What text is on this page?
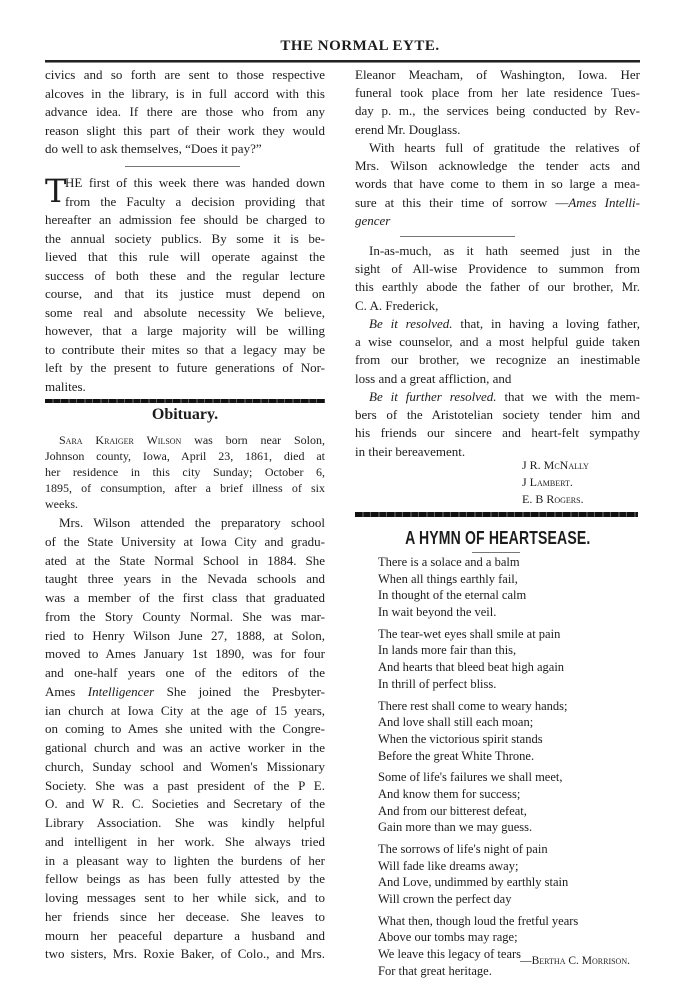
THE NORMAL EYTE.
civics and so forth are sent to those respective
alcoves in the library, is in full accord with this
advance idea. If there are those who from any
reason slight this part of their work they would
do well to ask themselves, “Does it pay?”
T
HE first of this week there was handed down
from the Faculty a decision providing that
hereafter an admission fee should be charged to
the annual society publics. By some it is be-
lieved that this rule will operate against the
success of both these and the regular lecture
course, and that its justice must depend on
some real and absolute necessity We believe,
however, that a large majority will be willing
to contribute their mites so that a legacy may be
left by the present to future generations of Nor-
malites.
Obituary.
Sara Kraiger Wilson was born near Solon,
Johnson county, Iowa, April 23, 1861, died at
her residence in this city Sunday; October 6,
1895, of consumption, after a brief illness of six
weeks.
Mrs. Wilson attended the preparatory school
of the State University at Iowa City and gradu-
ated at the State Normal School in 1884. She
taught three years in the Nevada schools and
was a member of the first class that graduated
from the Story County Normal. She was mar-
ried to Henry Wilson June 27, 1888, at Solon,
moved to Ames January 1st 1890, was for four
and one-half years one of the editors of the
Ames Intelligencer She joined the Presbyter-
ian church at Iowa City at the age of 15 years,
on coming to Ames she united with the Congre-
gational church and was an active worker in the
church, Sunday school and Women's Missionary
Society. She was a past president of the P E.
O. and W R. C. Societies and Secretary of the
Library Association. She was kindly helpful
and intelligent in her work. She always tried
in a pleasant way to lighten the burdens of her
fellow beings as has been fully attested by the
loving messages sent to her while sick, and to
her friends since her decease. She leaves to
mourn her peaceful departure a husband and
two sisters, Mrs. Roxie Baker, of Colo., and Mrs.
Eleanor Meacham, of Washington, Iowa. Her
funeral took place from her late residence Tues-
day p. m., the services being conducted by Rev-
erend Mr. Douglass.
With hearts full of gratitude the relatives of
Mrs. Wilson acknowledge the tender acts and
words that have come to them in so large a mea-
sure at this their time of sorrow —Ames Intelli-
gencer
In-as-much, as it hath seemed just in the
sight of All-wise Providence to summon from
this earthly abode the father of our brother, Mr.
C. A. Frederick,
Be it resolved. that, in having a loving father,
a wise counselor, and a most helpful guide taken
from our brother, we recognize an inestimable
loss and a great affliction, and
Be it further resolved. that we with the mem-
bers of the Aristotelian society tender him and
his friends our sincere and heart-felt sympathy
in their bereavement.
J R. McNally
J Lambert.
E. B Rogers.
A HYMN OF HEARTSEASE.
There is a solace and a balm
When all things earthly fail,
In thought of the eternal calm
In wait beyond the veil.
The tear-wet eyes shall smile at pain
In lands more fair than this,
And hearts that bleed beat high again
In thrill of perfect bliss.
There rest shall come to weary hands;
And love shall still each moan;
When the victorious spirit stands
Before the great White Throne.
Some of life's failures we shall meet,
And know them for success;
And from our bitterest defeat,
Gain more than we may guess.
The sorrows of life's night of pain
Will fade like dreams away;
And Love, undimmed by earthly stain
Will crown the perfect day
What then, though loud the fretful years
Above our tombs may rage;
We leave this legacy of tears
For that great heritage.
—Bertha C. Morrison.
